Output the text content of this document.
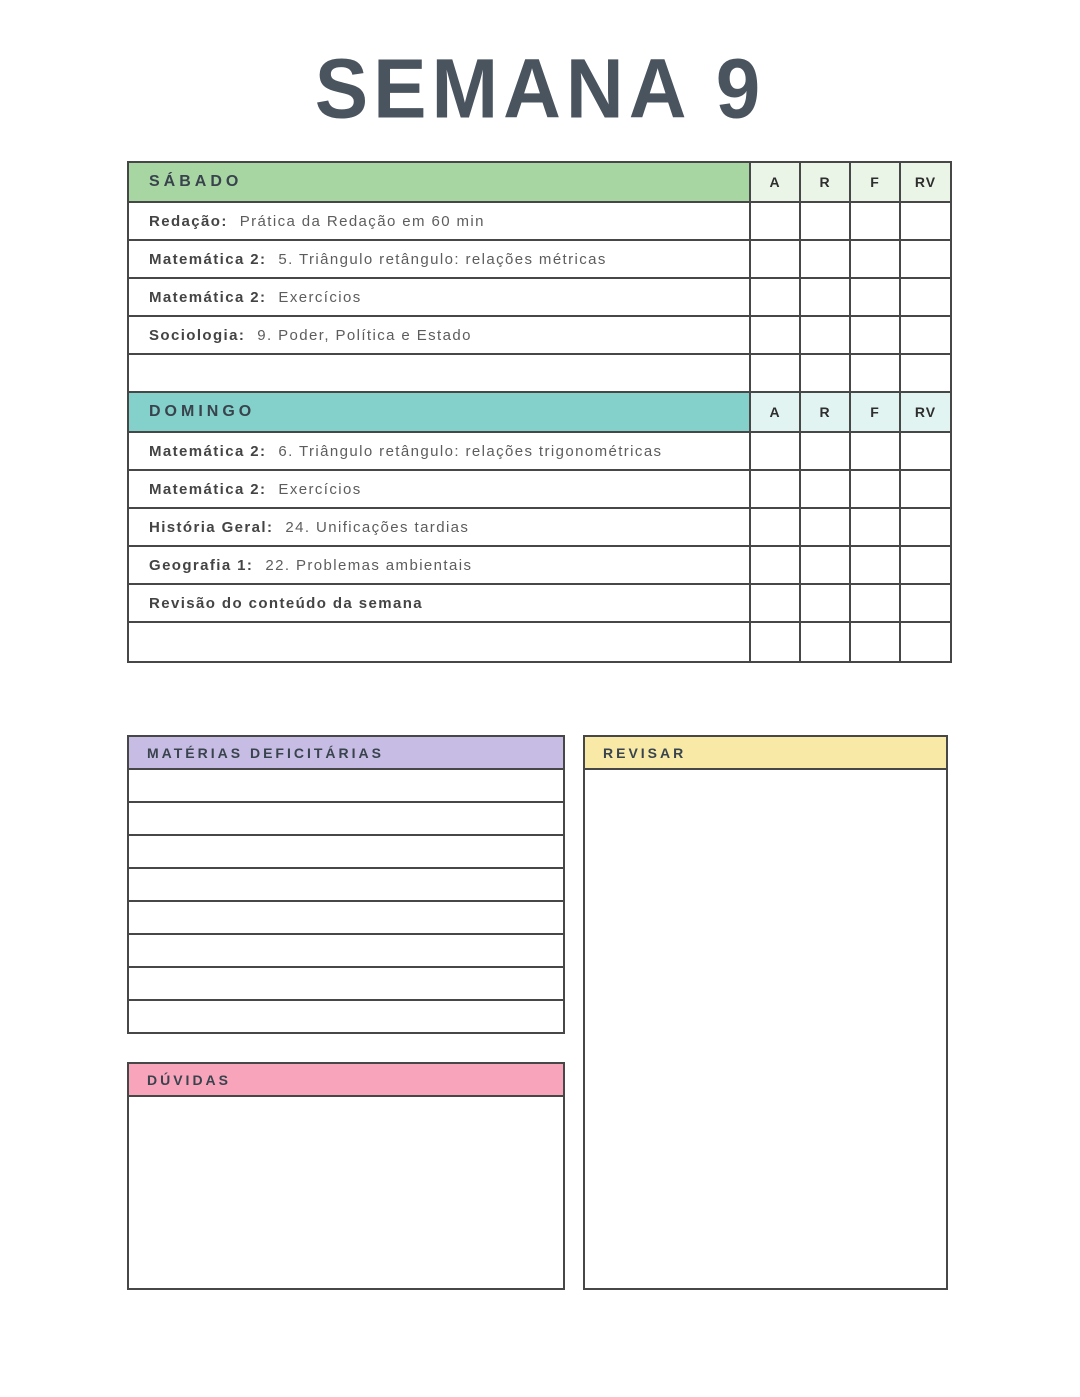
SEMANA 9
SÁBADO	A	R	F	RV
Redação: Prática da Redação em 60 min
Matemática 2: 5. Triângulo retângulo: relações métricas
Matemática 2: Exercícios
Sociologia: 9. Poder, Política e Estado
DOMINGO	A	R	F	RV
Matemática 2: 6. Triângulo retângulo: relações trigonométricas
Matemática 2: Exercícios
História Geral: 24. Unificações tardias
Geografia 1: 22. Problemas ambientais
Revisão do conteúdo da semana
MATÉRIAS DEFICITÁRIAS
DÚVIDAS
REVISAR
